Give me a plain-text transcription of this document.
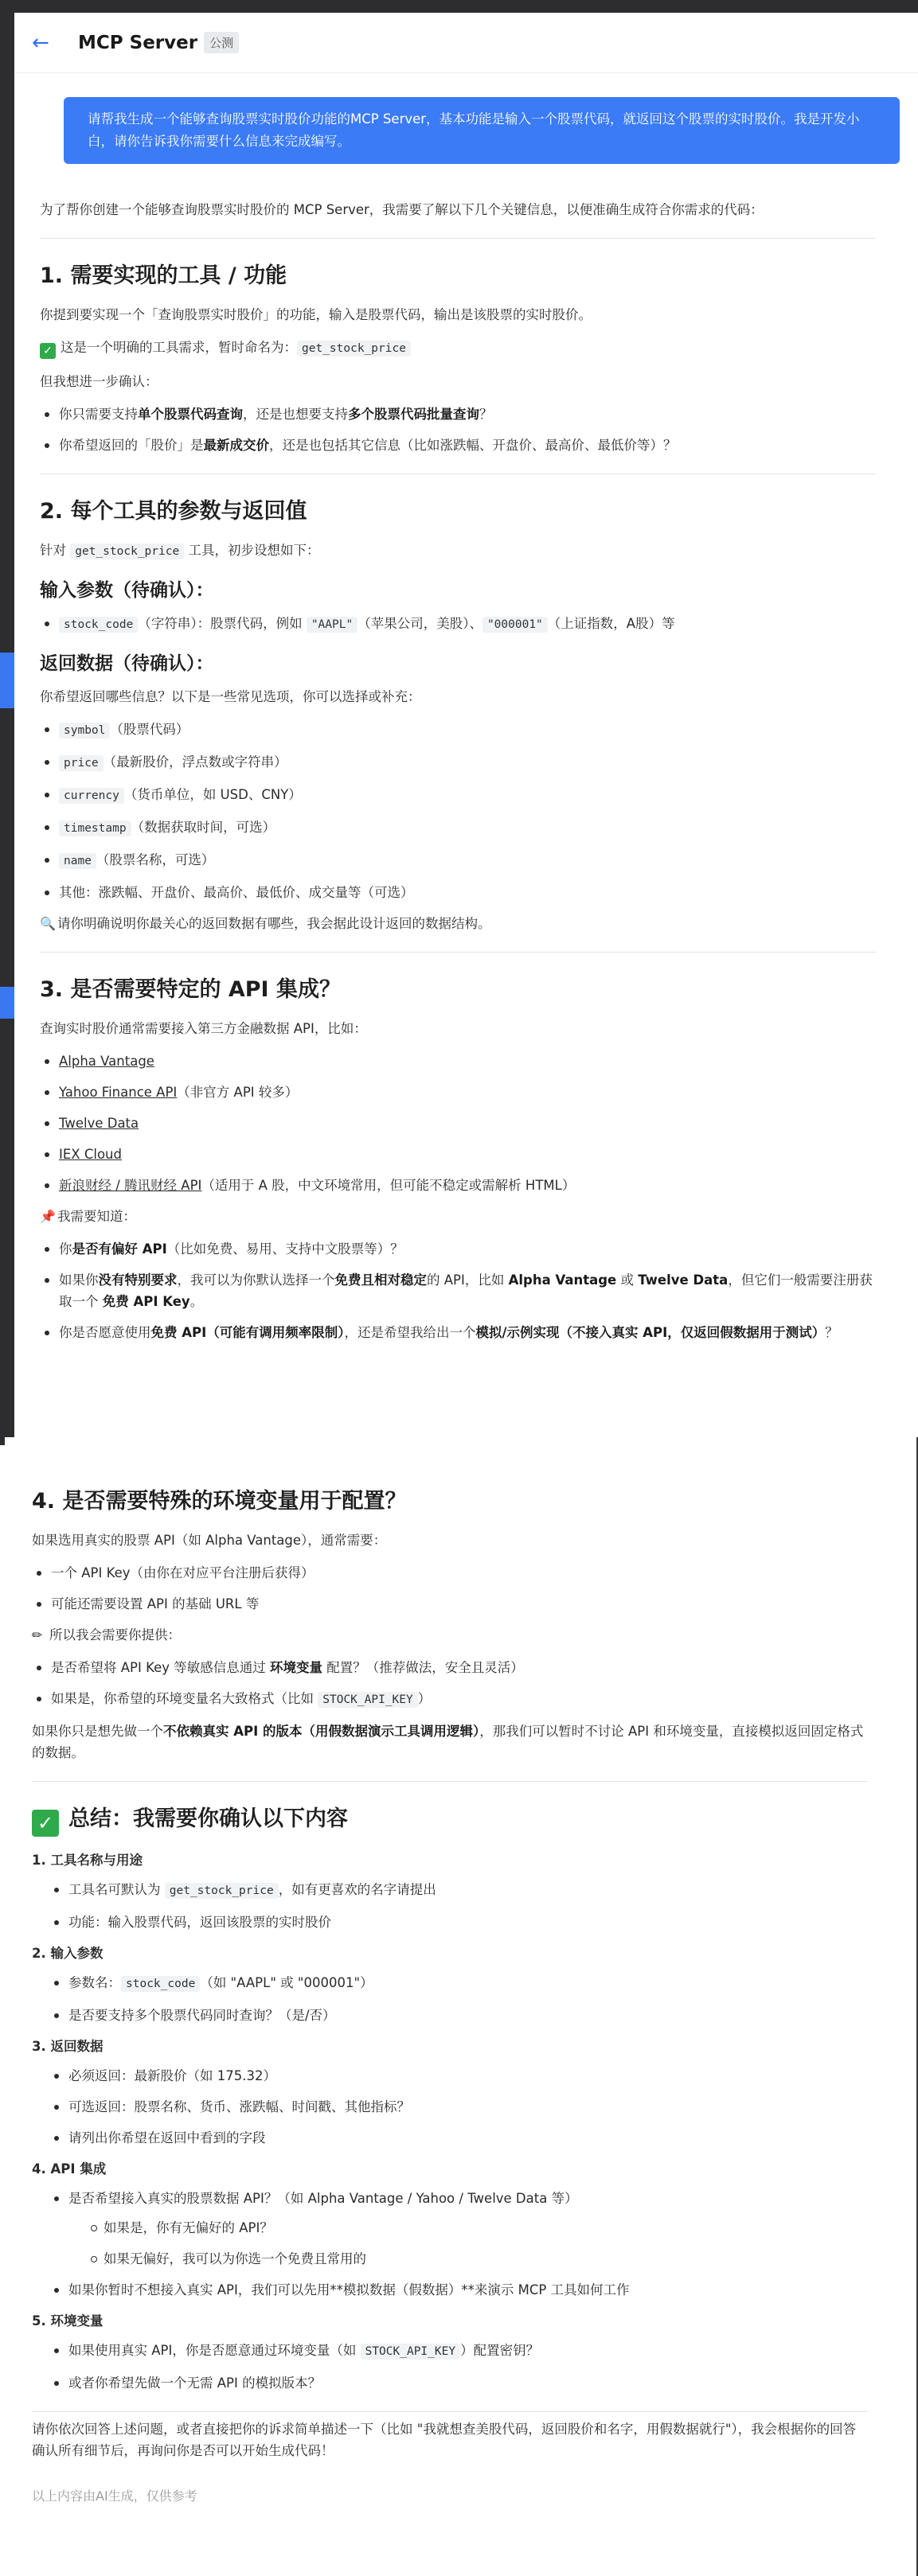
←	MCP Server	公测
请帮我生成一个能够查询股票实时股价功能的MCP Server，基本功能是输入一个股票代码，就返回这个股票的实时股价。我是开发小白，请你告诉我你需要什么信息来完成编写。

为了帮你创建一个能够查询股票实时股价的 MCP Server，我需要了解以下几个关键信息，以便准确生成符合你需求的代码：

1. 需要实现的工具 / 功能

你提到要实现一个「查询股票实时股价」的功能，输入是股票代码，输出是该股票的实时股价。

✓ 这是一个明确的工具需求，暂时命名为： get_stock_price

但我想进一步确认：

你只需要支持单个股票代码查询，还是也想要支持多个股票代码批量查询？
你希望返回的「股价」是最新成交价，还是也包括其它信息（比如涨跌幅、开盘价、最高价、最低价等）？
2. 每个工具的参数与返回值

针对 get_stock_price 工具，初步设想如下：

输入参数（待确认）：
stock_code （字符串）：股票代码，例如 "AAPL" （苹果公司，美股）、 "000001" （上证指数，A股）等
返回数据（待确认）：

你希望返回哪些信息？以下是一些常见选项，你可以选择或补充：

symbol （股票代码）
price （最新股价，浮点数或字符串）
currency （货币单位，如 USD、CNY）
timestamp （数据获取时间，可选）
name （股票名称，可选）
其他：涨跌幅、开盘价、最高价、最低价、成交量等（可选）

🔍 请你明确说明你最关心的返回数据有哪些，我会据此设计返回的数据结构。

3. 是否需要特定的 API 集成？

查询实时股价通常需要接入第三方金融数据 API，比如：

Alpha Vantage
Yahoo Finance API（非官方 API 较多）
Twelve Data
IEX Cloud
新浪财经 / 腾讯财经 API（适用于 A 股，中文环境常用，但可能不稳定或需解析 HTML）

📌 我需要知道：

你是否有偏好 API（比如免费、易用、支持中文股票等）？
如果你没有特别要求，我可以为你默认选择一个免费且相对稳定的 API，比如 Alpha Vantage 或 Twelve Data，但它们一般需要注册获取一个 免费 API Key。
你是否愿意使用免费 API（可能有调用频率限制），还是希望我给出一个模拟/示例实现（不接入真实 API，仅返回假数据用于测试）？
4. 是否需要特殊的环境变量用于配置？

如果选用真实的股票 API（如 Alpha Vantage），通常需要：

一个 API Key（由你在对应平台注册后获得）
可能还需要设置 API 的基础 URL 等

✏ 所以我会需要你提供：

是否希望将 API Key 等敏感信息通过 环境变量 配置？（推荐做法，安全且灵活）
如果是，你希望的环境变量名大致格式（比如 STOCK_API_KEY ）

如果你只是想先做一个不依赖真实 API 的版本（用假数据演示工具调用逻辑），那我们可以暂时不讨论 API 和环境变量，直接模拟返回固定格式的数据。

✓ 总结：我需要你确认以下内容
1. 工具名称与用途
工具名可默认为 get_stock_price ，如有更喜欢的名字请提出
功能：输入股票代码，返回该股票的实时股价
2. 输入参数
参数名： stock_code （如 "AAPL" 或 "000001"）
是否要支持多个股票代码同时查询？（是/否）
3. 返回数据
必须返回：最新股价（如 175.32）
可选返回：股票名称、货币、涨跌幅、时间戳、其他指标？
请列出你希望在返回中看到的字段
4. API 集成
是否希望接入真实的股票数据 API？（如 Alpha Vantage / Yahoo / Twelve Data 等）
如果是，你有无偏好的 API？
如果无偏好，我可以为你选一个免费且常用的
如果你暂时不想接入真实 API，我们可以先用**模拟数据（假数据）**来演示 MCP 工具如何工作
5. 环境变量
如果使用真实 API，你是否愿意通过环境变量（如 STOCK_API_KEY ）配置密钥？
或者你希望先做一个无需 API 的模拟版本？

请你依次回答上述问题，或者直接把你的诉求简单描述一下（比如 "我就想查美股代码，返回股价和名字，用假数据就行"），我会根据你的回答确认所有细节后，再询问你是否可以开始生成代码！

以上内容由AI生成，仅供参考
